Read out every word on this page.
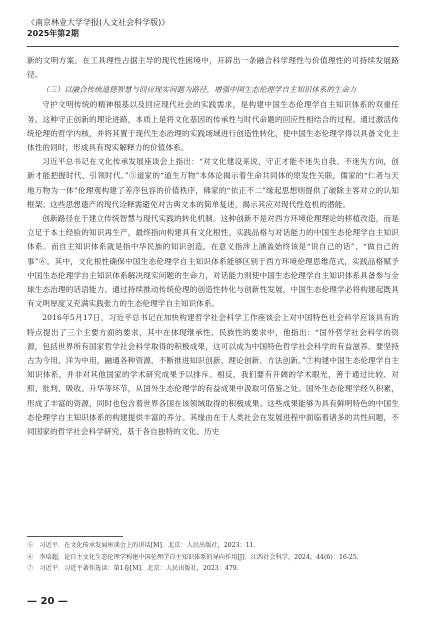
《南京林业大学学报(人文社会科学版)》
2025年第2期

新的文明方案。在工具理性占据主导的现代性困境中，开辟出一条融合科学理性与价值理性的可持续发展路径。

（三）以融合传统道德智慧与回应现实问题为路径，增强中国生态伦理学自主知识体系的生命力

守护文明传统的精神根基以及回应现代社会的实践需求，是构建中国生态伦理学自主知识体系的双重任务。这种守正创新的理论进路，本质上是将文化基因的传承性与时代命题的回应性相结合的过程。通过激活传统伦理的哲学内核，并将其置于现代生态治理的实践场域进行创造性转化，使中国生态伦理学得以具备文化主体性的同时，形成具有现实解释力的价值体系。

习近平总书记在文化传承发展座谈会上指出：“对文化建设来说，守正才能不迷失自我、不迷失方向，创新才能把握时代、引领时代。”⑤道家的“道生万物”本体论揭示着生命共同体的原发性关联，儒家的“仁者与天地万物为一体”伦理观构建了差序包容的价值秩序，佛家的“依正不二”缘起思想则提供了破除主客对立的认知框架。这些思想遗产的现代诠释需避免对古典文本的简单复述，揭示其应对现代性危机的潜能。

创新路径在于建立传统智慧与现代实践的转化机制。这种创新不是对西方环境伦理理论的移植改造，而是立足于本土经验的知识再生产，最终指向构建具有文化根性、实践品格与对话能力的中国生态伦理学自主知识体系。而自主知识体系就是指中华民族的知识创造，在意义指涉上涵盖始终该是“说自己的话”、“做自己的事”⑥。其中，文化根性确保中国生态伦理学自主知识体系能够区别于西方环境伦理思维范式，实践品格赋予中国生态伦理学自主知识体系解决现实问题的生命力，对话能力则使中国生态伦理学自主知识体系具备参与全球生态治理的话语能力。通过持续推动传统伦理的创造性转化与创新性发展，中国生态伦理学必将构建起既具有文明厚度又充满实践张力的生态伦理学自主知识体系。

2016年5月17日，习近平总书记在加快构建哲学社会科学工作座谈会上对中国特色社会科学应该具有的特点提出了三个主要方面的要求，其中在体现继承性、民族性的要求中，他指出：“国外哲学社会科学的资源，包括世界所有国家哲学社会科学取得的积极成果，这可以成为中国特色哲学社会科学的有益滋养。要坚持古为今用、洋为中用，融通各种资源，不断推进知识创新、理论创新、方法创新。”⑦构建中国生态伦理学自主知识体系，并非对其他国家的学术研究成果予以排斥。相反，我们要有开阔的学术眼光，善于通过比较、对照、批判、吸收、升华等环节，从国外生态伦理学的有益成果中汲取可借鉴之处。国外生态伦理学经久积累，形成了丰富的资源，同时也包含着世界各国在该领域取得的积极成果。这些成果能够为具有鲜明特色的中国生态伦理学自主知识体系的构建提供丰富的养分。其缘由在于人类社会在发展进程中面临着诸多的共性问题，不同国家的哲学社会科学研究，基于各自独特的文化、历史

⑤　习近平．在文化传承发展座谈会上的讲话[M]．北京：人民出版社，2023：11．
⑥　李培超，论自主文化生态伦理学构建中国伦理学自主知识体系的导向作用[J]．江西社会科学，2024，44(6)：16-25．
⑦　习近平．习近平著作选读：第1卷[M]．北京：人民出版社，2023：479．
— 20 —
